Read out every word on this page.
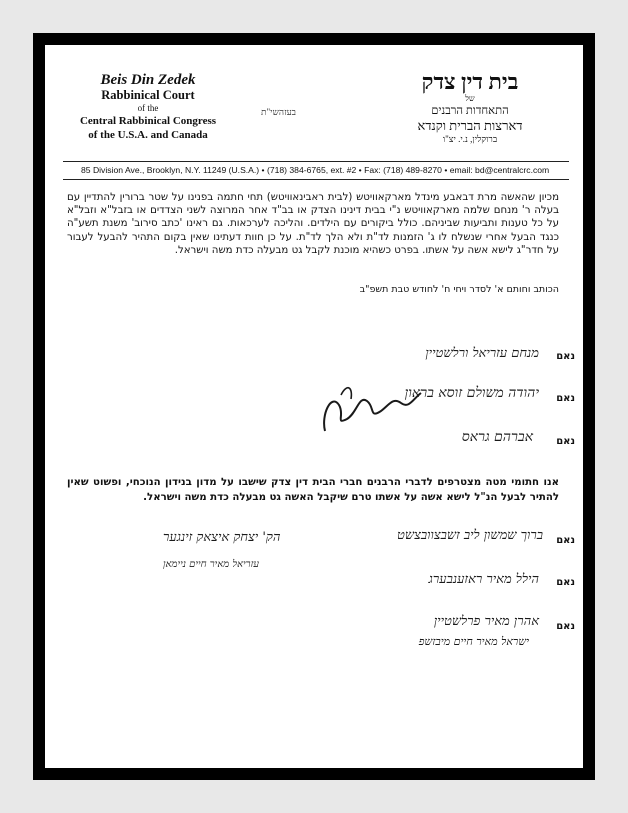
Beis Din Zedek
Rabbinical Court
of the
Central Rabbinical Congress
of the U.S.A. and Canada
בעזהשי"ת
בית דין צדק
של
התאחדות הרבנים
דארצות הברית וקנדא
ברוקלין, נ.י. יצ"ו
85 Division Ave., Brooklyn, N.Y. 11249 (U.S.A.) • (718) 384-6765, ext. #2 • Fax: (718) 489-8270 • email: bd@centralcrc.com
מכיון שהאשה מרת דבאבע מינדל מארקאוויטש (לבית ראבינאוויטש) תחי חתמה בפנינו על שטר ברורין להתדיין עם בעלה ר' מנחם שלמה מארקאוויטש נ"י בבית דינינו הצדק או בב"ד אחר המרוצה לשני הצדדים או בזבל"א וזבל"א על כל טענות ותביעות שביניהם. כולל ביקורים עם הילדים. והליכה לערכאות. גם ראינו 'כתב סירוב' משנת תשע"ה כנגד הבעל אחרי שנשלח לו ג' הזמנות לד"ת ולא הלך לד"ת. על כן חוות דעתינו שאין בקום התהיר להבעל לעבור על חדר"ג לישא אשה על אשתו. בפרט כשהיא מוכנת לקבל גט מבעלה כדת משה וישראל.
הכותב וחותם א' לסדר ויחי ח' לחודש טבת תשפ"ב
נאם
מנחם עזריאל ורלשטיין
נאם
יהודה משולם זוסא בראון
נאם
אברהם גראס
אנו חתומי מטה מצטרפים לדברי הרבנים חברי הבית דין צדק שישבו על מדון בנידון הנוכחי, ופשוט שאין להתיר לבעל הנ"ל לישא אשה על אשתו טרם שיקבל האשה גט מבעלה כדת משה וישראל.
נאם
ברוך שמשון ליב זשבצוובצשט
הק' יצחק איצאק זינגער
עזריאל מאיר חיים ניימאן
נאם
הילל מאיר ראזענבערג
נאם
אהרן מאיר פרלשטיין
ישראל מאיר חיים מיבזשפ
